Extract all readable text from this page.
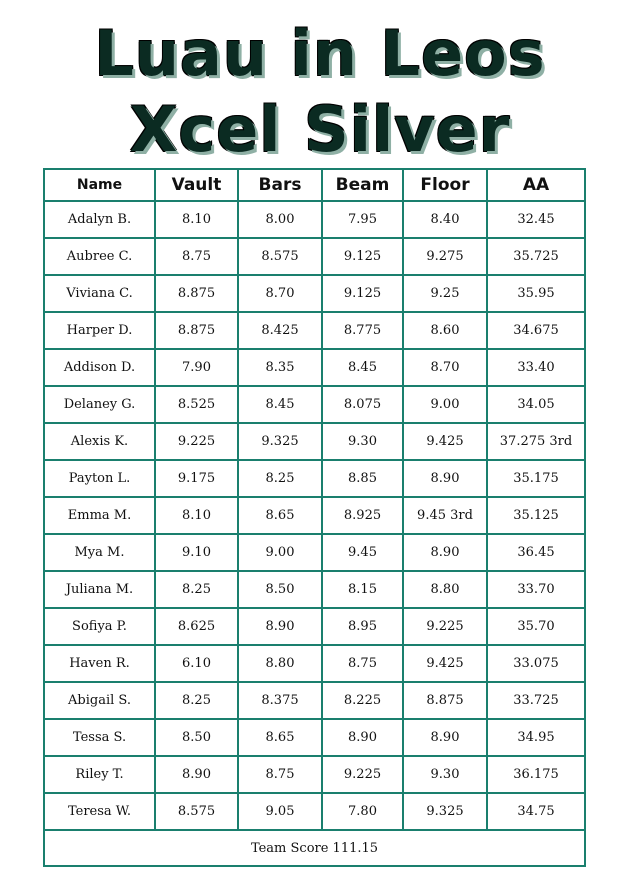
Luau in Leos
Xcel Silver
Name	Vault	Bars	Beam	Floor	AA
Adalyn B.	8.10	8.00	7.95	8.40	32.45
Aubree C.	8.75	8.575	9.125	9.275	35.725
Viviana C.	8.875	8.70	9.125	9.25	35.95
Harper D.	8.875	8.425	8.775	8.60	34.675
Addison D.	7.90	8.35	8.45	8.70	33.40
Delaney G.	8.525	8.45	8.075	9.00	34.05
Alexis K.	9.225	9.325	9.30	9.425	37.275 3rd
Payton L.	9.175	8.25	8.85	8.90	35.175
Emma M.	8.10	8.65	8.925	9.45 3rd	35.125
Mya M.	9.10	9.00	9.45	8.90	36.45
Juliana M.	8.25	8.50	8.15	8.80	33.70
Sofiya P.	8.625	8.90	8.95	9.225	35.70
Haven R.	6.10	8.80	8.75	9.425	33.075
Abigail S.	8.25	8.375	8.225	8.875	33.725
Tessa S.	8.50	8.65	8.90	8.90	34.95
Riley T.	8.90	8.75	9.225	9.30	36.175
Teresa W.	8.575	9.05	7.80	9.325	34.75
Team Score 111.15					
